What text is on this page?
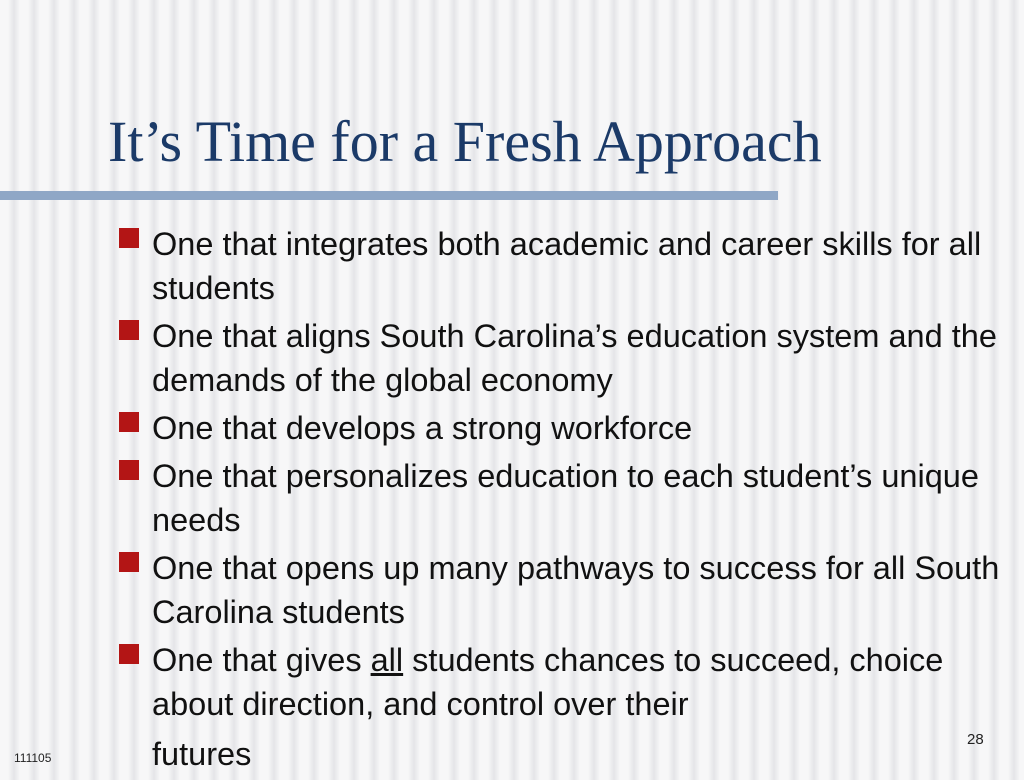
It’s Time for a Fresh Approach
One that integrates both academic and career skills for all students
One that aligns South Carolina’s education system and the demands of the global economy
One that develops a strong workforce
One that personalizes education to each student’s unique needs
One that opens up many pathways to success for all South Carolina students
One that gives all students chances to succeed, choice about direction, and control over their
futures
111105
28
